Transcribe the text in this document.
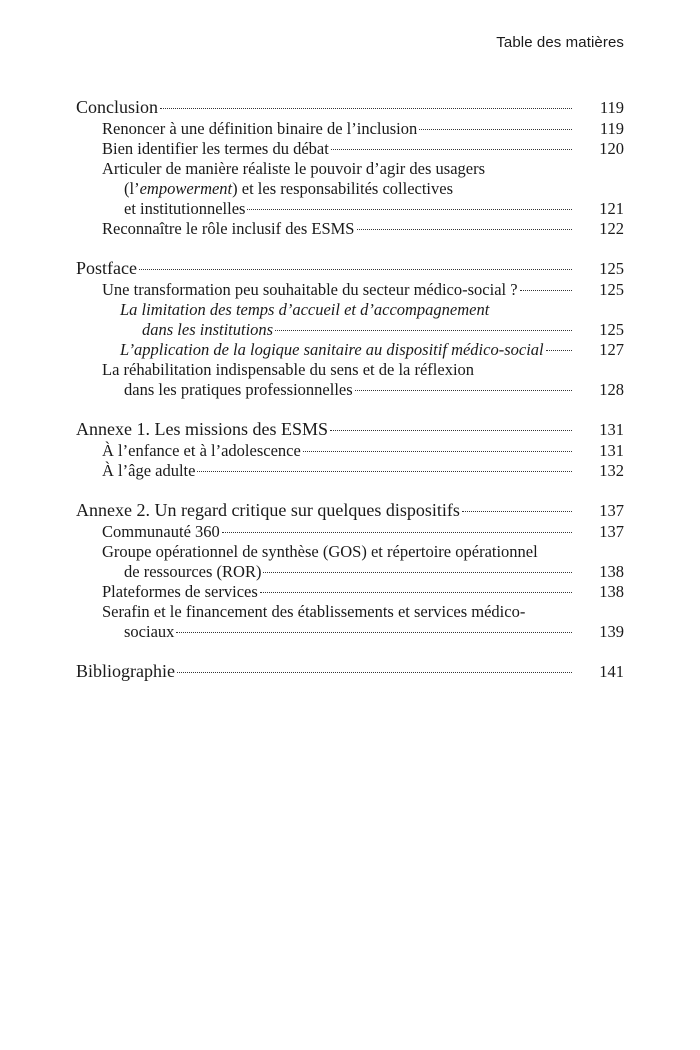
Table des matières
Conclusion	119
Renoncer à une définition binaire de l’inclusion	119
Bien identifier les termes du débat	120
Articuler de manière réaliste le pouvoir d’agir des usagers
(l’empowerment) et les responsabilités collectives
et institutionnelles	121
Reconnaître le rôle inclusif des ESMS	122
Postface	125
Une transformation peu souhaitable du secteur médico-social ?	125
La limitation des temps d’accueil et d’accompagnement
dans les institutions	125
L’application de la logique sanitaire au dispositif médico-social	127
La réhabilitation indispensable du sens et de la réflexion
dans les pratiques professionnelles	128
Annexe 1. Les missions des ESMS	131
À l’enfance et à l’adolescence	131
À l’âge adulte	132
Annexe 2. Un regard critique sur quelques dispositifs	137
Communauté 360	137
Groupe opérationnel de synthèse (GOS) et répertoire opérationnel
de ressources (ROR)	138
Plateformes de services	138
Serafin et le financement des établissements et services médico-
sociaux	139
Bibliographie	141
